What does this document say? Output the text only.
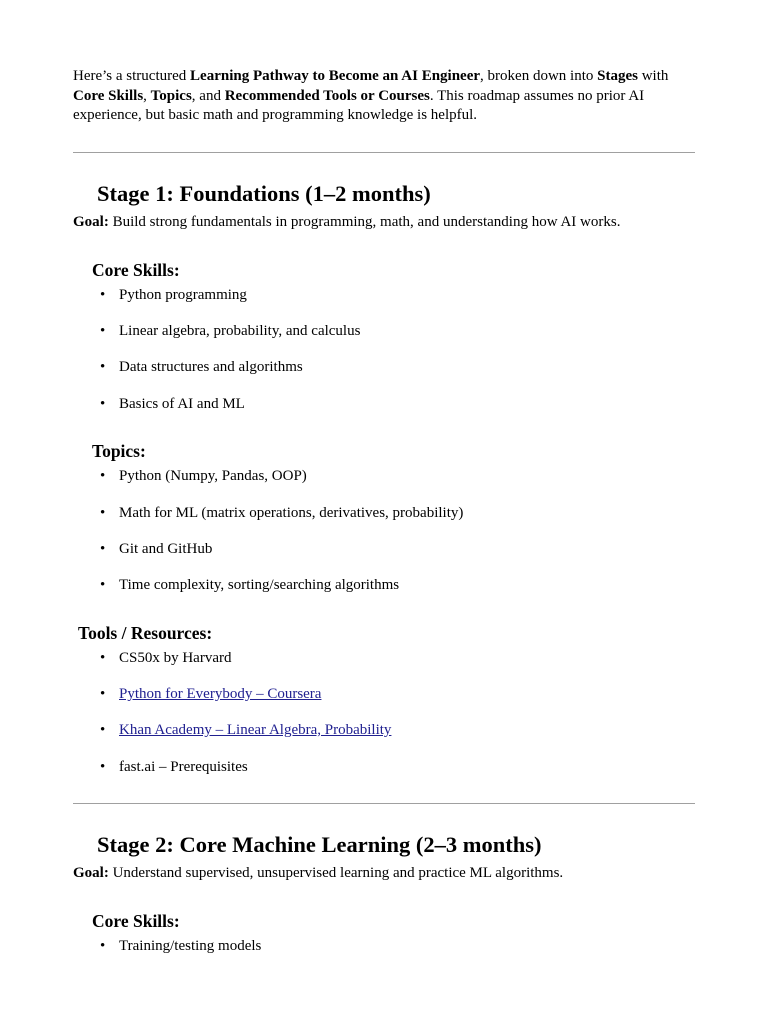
Here’s a structured Learning Pathway to Become an AI Engineer, broken down into Stages with Core Skills, Topics, and Recommended Tools or Courses. This roadmap assumes no prior AI experience, but basic math and programming knowledge is helpful.
Stage 1: Foundations (1–2 months)
Goal: Build strong fundamentals in programming, math, and understanding how AI works.
Core Skills:
• Python programming
• Linear algebra, probability, and calculus
• Data structures and algorithms
• Basics of AI and ML
Topics:
• Python (Numpy, Pandas, OOP)
• Math for ML (matrix operations, derivatives, probability)
• Git and GitHub
• Time complexity, sorting/searching algorithms
Tools / Resources:
• CS50x by Harvard
• Python for Everybody – Coursera
• Khan Academy – Linear Algebra, Probability
• fast.ai – Prerequisites
Stage 2: Core Machine Learning (2–3 months)
Goal: Understand supervised, unsupervised learning and practice ML algorithms.
Core Skills:
• Training/testing models
